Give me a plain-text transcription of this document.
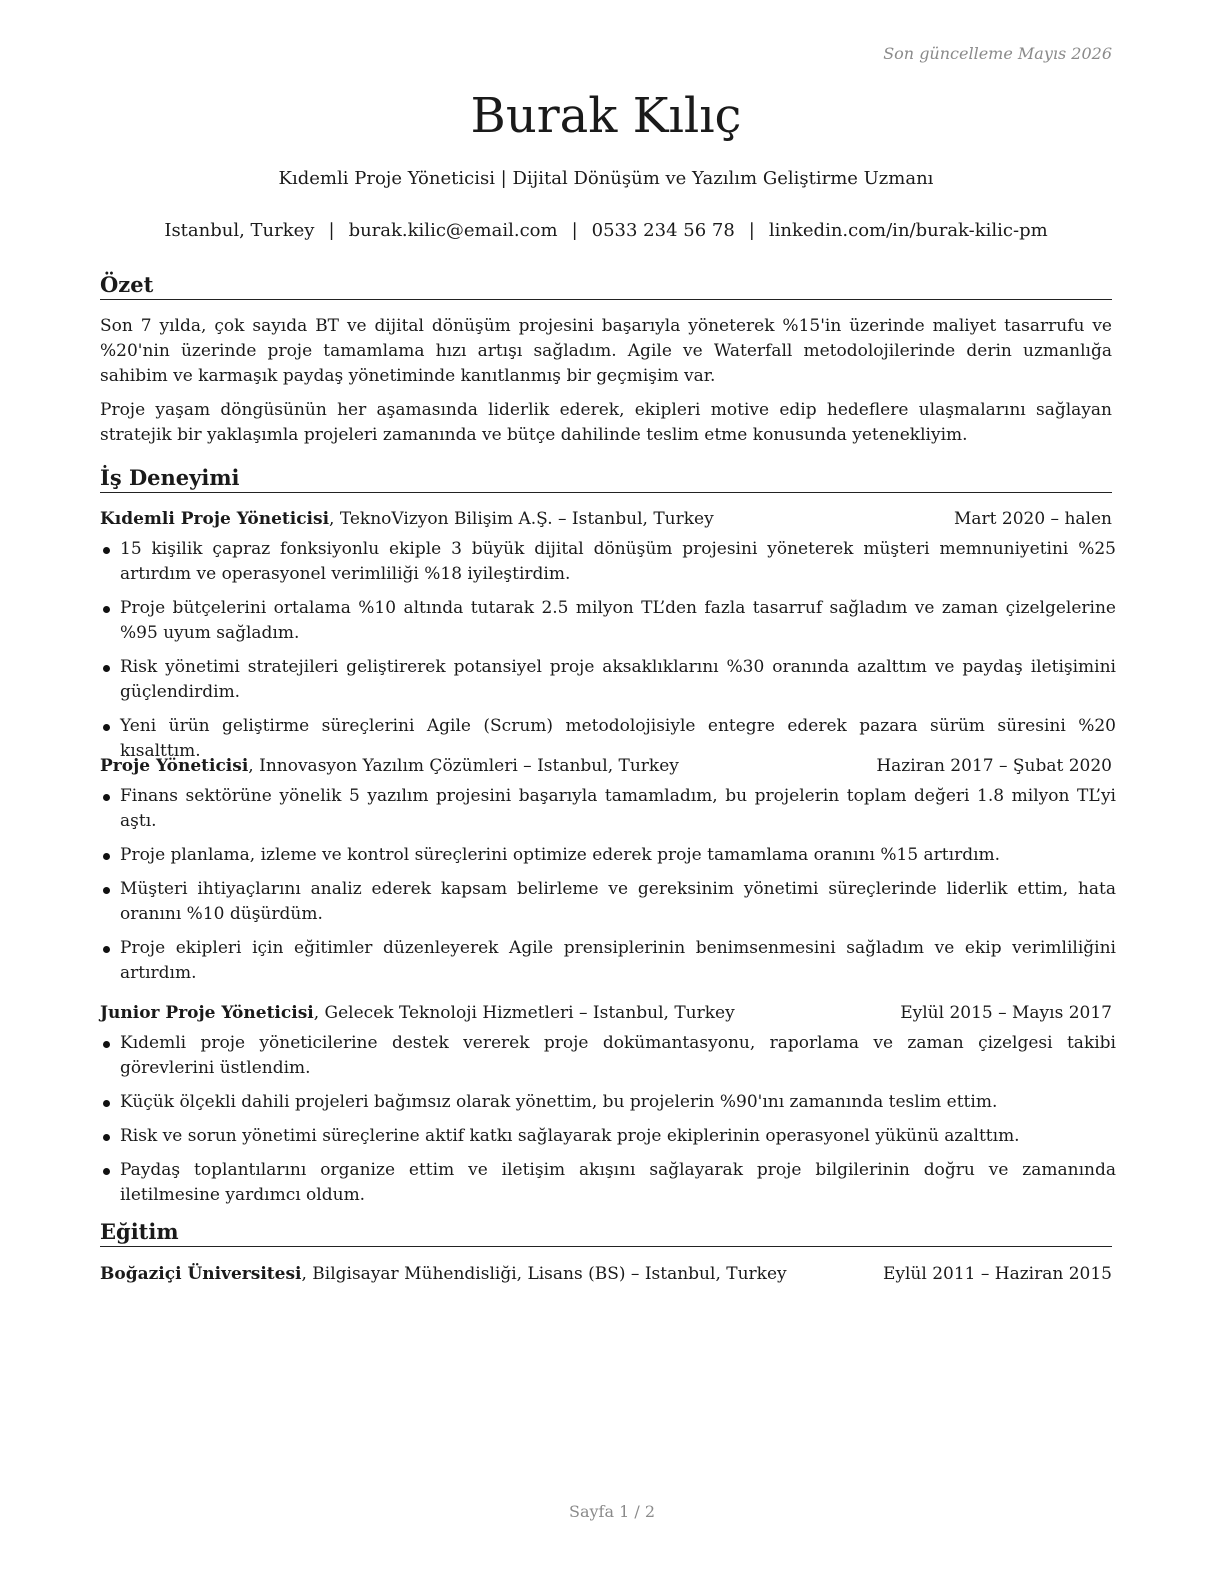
Son güncelleme Mayıs 2026
Burak Kılıç
Kıdemli Proje Yöneticisi | Dijital Dönüşüm ve Yazılım Geliştirme Uzmanı
Istanbul, Turkey | burak.kilic@email.com | 0533 234 56 78 | linkedin.com/in/burak-kilic-pm
Özet

Son 7 yılda, çok sayıda BT ve dijital dönüşüm projesini başarıyla yöneterek %15'in üzerinde maliyet tasarrufu ve %20'nin üzerinde proje tamamlama hızı artışı sağladım. Agile ve Waterfall metodolojilerinde derin uzmanlığa sahibim ve karmaşık paydaş yönetiminde kanıtlanmış bir geçmişim var.

Proje yaşam döngüsünün her aşamasında liderlik ederek, ekipleri motive edip hedeflere ulaşmalarını sağlayan stratejik bir yaklaşımla projeleri zamanında ve bütçe dahilinde teslim etme konusunda yetenekliyim.

İş Deneyimi
Kıdemli Proje Yöneticisi, TeknoVizyon Bilişim A.Ş. – Istanbul, Turkey	Mart 2020 – halen
15 kişilik çapraz fonksiyonlu ekiple 3 büyük dijital dönüşüm projesini yöneterek müşteri memnuniyetini %25 artırdım ve operasyonel verimliliği %18 iyileştirdim.
Proje bütçelerini ortalama %10 altında tutarak 2.5 milyon TL’den fazla tasarruf sağladım ve zaman çizelgelerine %95 uyum sağladım.
Risk yönetimi stratejileri geliştirerek potansiyel proje aksaklıklarını %30 oranında azalttım ve paydaş iletişimini güçlendirdim.
Yeni ürün geliştirme süreçlerini Agile (Scrum) metodolojisiyle entegre ederek pazara sürüm süresini %20 kısalttım.
Proje Yöneticisi, Innovasyon Yazılım Çözümleri – Istanbul, Turkey	Haziran 2017 – Şubat 2020
Finans sektörüne yönelik 5 yazılım projesini başarıyla tamamladım, bu projelerin toplam değeri 1.8 milyon TL’yi aştı.
Proje planlama, izleme ve kontrol süreçlerini optimize ederek proje tamamlama oranını %15 artırdım.
Müşteri ihtiyaçlarını analiz ederek kapsam belirleme ve gereksinim yönetimi süreçlerinde liderlik ettim, hata oranını %10 düşürdüm.
Proje ekipleri için eğitimler düzenleyerek Agile prensiplerinin benimsenmesini sağladım ve ekip verimliliğini artırdım.
Junior Proje Yöneticisi, Gelecek Teknoloji Hizmetleri – Istanbul, Turkey	Eylül 2015 – Mayıs 2017
Kıdemli proje yöneticilerine destek vererek proje dokümantasyonu, raporlama ve zaman çizelgesi takibi görevlerini üstlendim.
Küçük ölçekli dahili projeleri bağımsız olarak yönettim, bu projelerin %90'ını zamanında teslim ettim.
Risk ve sorun yönetimi süreçlerine aktif katkı sağlayarak proje ekiplerinin operasyonel yükünü azalttım.
Paydaş toplantılarını organize ettim ve iletişim akışını sağlayarak proje bilgilerinin doğru ve zamanında iletilmesine yardımcı oldum.
Eğitim
Boğaziçi Üniversitesi, Bilgisayar Mühendisliği, Lisans (BS) – Istanbul, Turkey	Eylül 2011 – Haziran 2015
Sayfa 1 / 2
